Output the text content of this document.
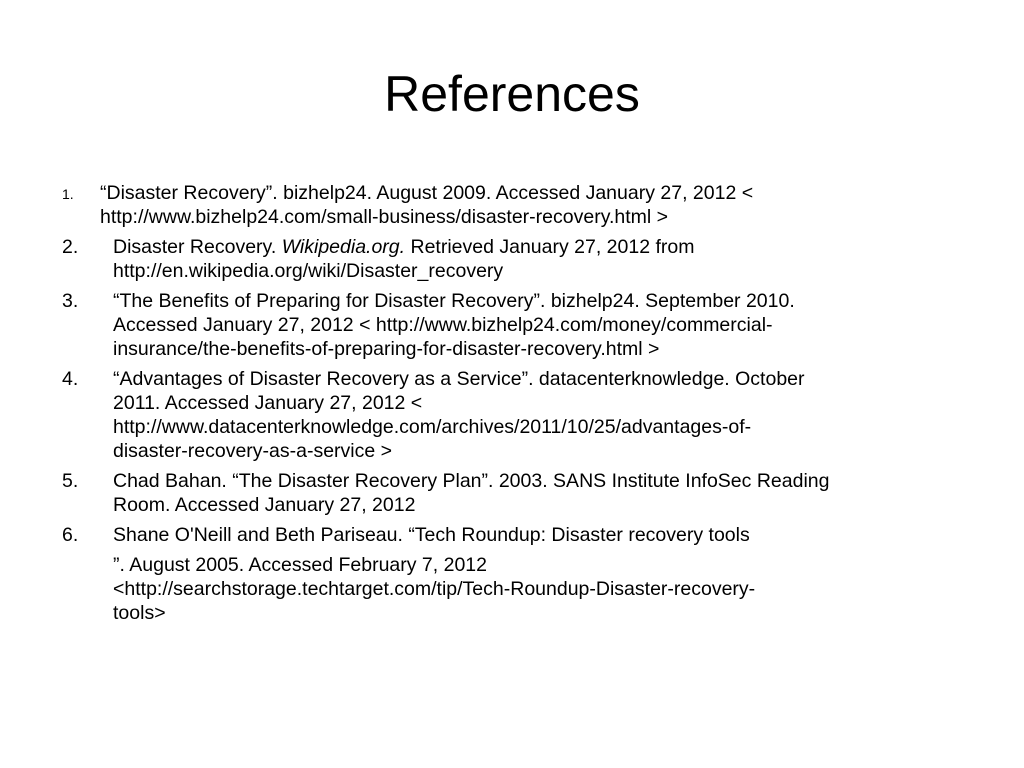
References
1. “Disaster Recovery”. bizhelp24. August 2009. Accessed January 27, 2012 <
http://www.bizhelp24.com/small-business/disaster-recovery.html >
2. Disaster Recovery. Wikipedia.org. Retrieved January 27, 2012 from
http://en.wikipedia.org/wiki/Disaster_recovery
3. “The Benefits of Preparing for Disaster Recovery”. bizhelp24. September 2010.
Accessed January 27, 2012 < http://www.bizhelp24.com/money/commercial-
insurance/the-benefits-of-preparing-for-disaster-recovery.html >
4. “Advantages of Disaster Recovery as a Service”. datacenterknowledge. October
2011. Accessed January 27, 2012 <
http://www.datacenterknowledge.com/archives/2011/10/25/advantages-of-
disaster-recovery-as-a-service >
5. Chad Bahan. “The Disaster Recovery Plan”. 2003. SANS Institute InfoSec Reading
Room. Accessed January 27, 2012
6. Shane O'Neill and Beth Pariseau. “Tech Roundup: Disaster recovery tools
”. August 2005. Accessed February 7, 2012
<http://searchstorage.techtarget.com/tip/Tech-Roundup-Disaster-recovery-
tools>
